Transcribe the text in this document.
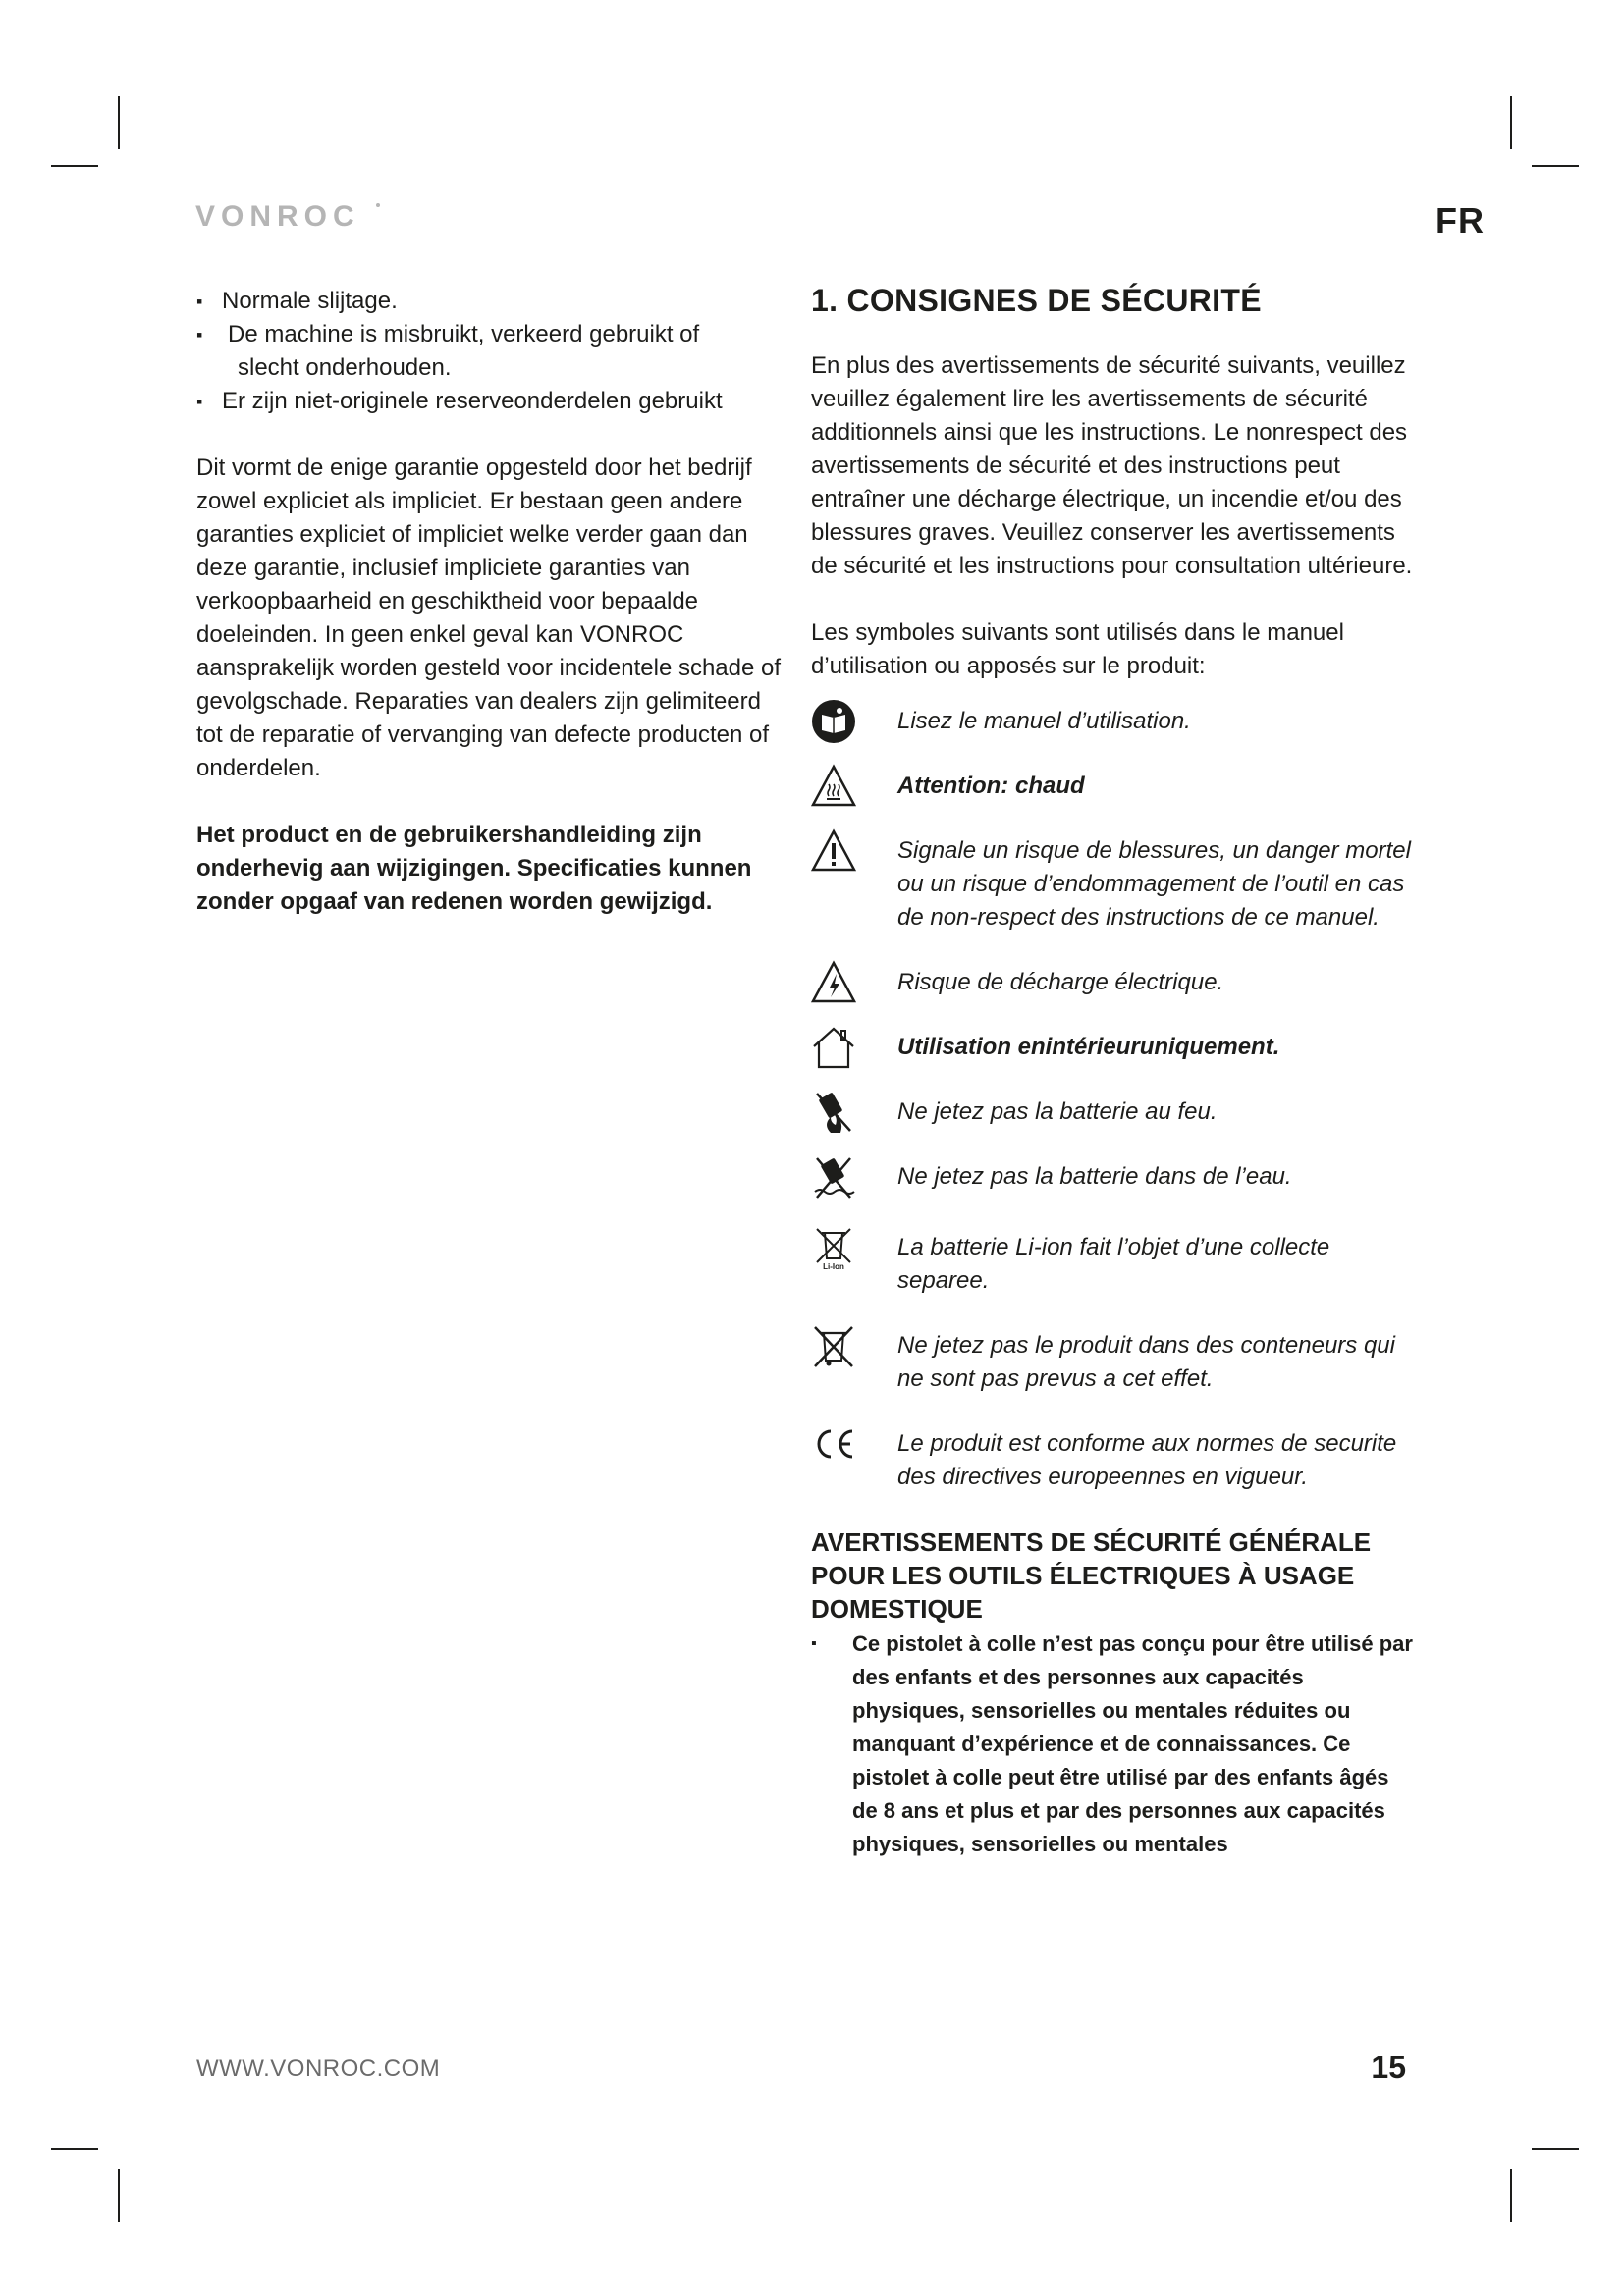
VONROC	FR
▪ Normale slijtage.
▪ De machine is misbruikt, verkeerd gebruikt of
slecht onderhouden.
▪ Er zijn niet-originele reserveonderdelen gebruikt

Dit vormt de enige garantie opgesteld door het bedrijf zowel expliciet als impliciet. Er bestaan geen andere garanties expliciet of impliciet welke verder gaan dan deze garantie, inclusief impliciete garanties van verkoopbaarheid en geschiktheid voor bepaalde doeleinden. In geen enkel geval kan VONROC aansprakelijk worden gesteld voor incidentele schade of gevolgschade. Reparaties van dealers zijn gelimiteerd tot de reparatie of vervanging van defecte producten of onderdelen.

Het product en de gebruikershandleiding zijn onderhevig aan wijzigingen. Specificaties kunnen zonder opgaaf van redenen worden gewijzigd.

1. CONSIGNES DE SÉCURITÉ

En plus des avertissements de sécurité suivants, veuillez veuillez également lire les avertissements de sécurité additionnels ainsi que les instructions. Le nonrespect des avertissements de sécurité et des instructions peut entraîner une décharge électrique, un incendie et/ou des blessures graves. Veuillez conserver les avertissements de sécurité et les instructions pour consultation ultérieure.

Les symboles suivants sont utilisés dans le manuel d’utilisation ou apposés sur le produit:

Lisez le manuel d’utilisation.
Attention: chaud
Signale un risque de blessures, un danger mortel ou un risque d’endommagement de l’outil en cas de non-respect des instructions de ce manuel.
Risque de décharge électrique.
Utilisation enintérieuruniquement.
Ne jetez pas la batterie au feu.
Ne jetez pas la batterie dans de l’eau.
Li-Ion
La batterie Li-ion fait l’objet d’une collecte separee.
Ne jetez pas le produit dans des conteneurs qui ne sont pas prevus a cet effet.
Le produit est conforme aux normes de securite des directives europeennes en vigueur.
AVERTISSEMENTS DE SÉCURITÉ GÉNÉRALE POUR LES OUTILS ÉLECTRIQUES À USAGE DOMESTIQUE

▪ Ce pistolet à colle n’est pas conçu pour être utilisé par des enfants et des personnes aux capacités physiques, sensorielles ou mentales réduites ou manquant d’expérience et de connaissances. Ce pistolet à colle peut être utilisé par des enfants âgés de 8 ans et plus et par des personnes aux capacités physiques, sensorielles ou mentales

WWW.VONROC.COM	15
